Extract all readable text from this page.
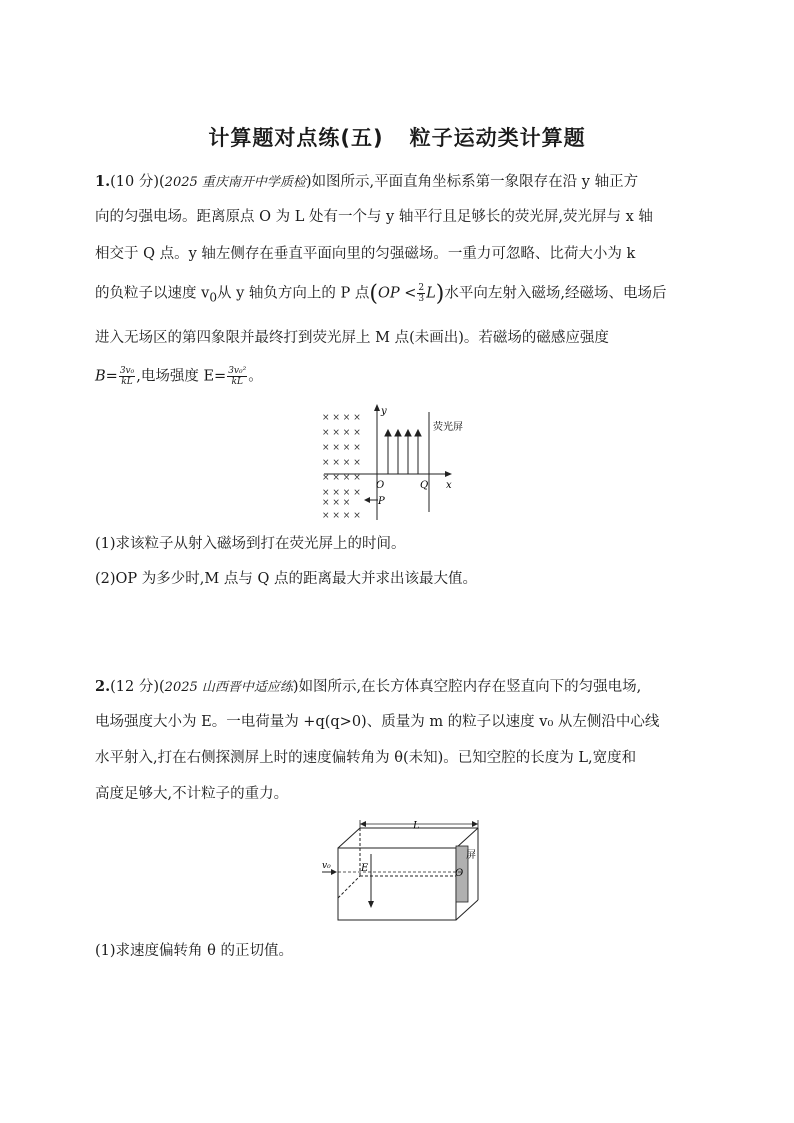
计算题对点练(五) 粒子运动类计算题
1.(10 分)(2025 重庆南开中学质检)如图所示,平面直角坐标系第一象限存在沿 y 轴正方
向的匀强电场。距离原点 O 为 L 处有一个与 y 轴平行且足够长的荧光屏,荧光屏与 x 轴
相交于 Q 点。y 轴左侧存在垂直平面向里的匀强磁场。一重力可忽略、比荷大小为 k
的负粒子以速度 $v_0$从 y 轴负方向上的 P 点$(OP < \frac{2}{3} L)$水平向左射入磁场,经磁场、电场后
进入无场区的第四象限并最终打到荧光屏上 M 点(未画出)。若磁场的磁感应强度
$B= \frac{\text{3v₀}}{kL}$ ,电场强度 $E= \frac{\text{3v₀²}}{kL}$ 。
× × × ×
× × × ×
× × × ×
× × × ×
× × × ×
× × × ×
× × ×
× × × ×
荧光屏
y
x
O	Q
P
(1)求该粒子从射入磁场到打在荧光屏上的时间。
(2)OP 为多少时,M 点与 Q 点的距离最大并求出该最大值。
2.(12 分)(2025 山西晋中适应练)如图所示,在长方体真空腔内存在竖直向下的匀强电场,
电场强度大小为 E。一电荷量为 +q(q>0)、质量为 m 的粒子以速度 v₀ 从左侧沿中心线
水平射入,打在右侧探测屏上时的速度偏转角为 θ(未知)。已知空腔的长度为 L,宽度和
高度足够大,不计粒子的重力。
L
E	O
屏
v₀
(1)求速度偏转角 θ 的正切值。
